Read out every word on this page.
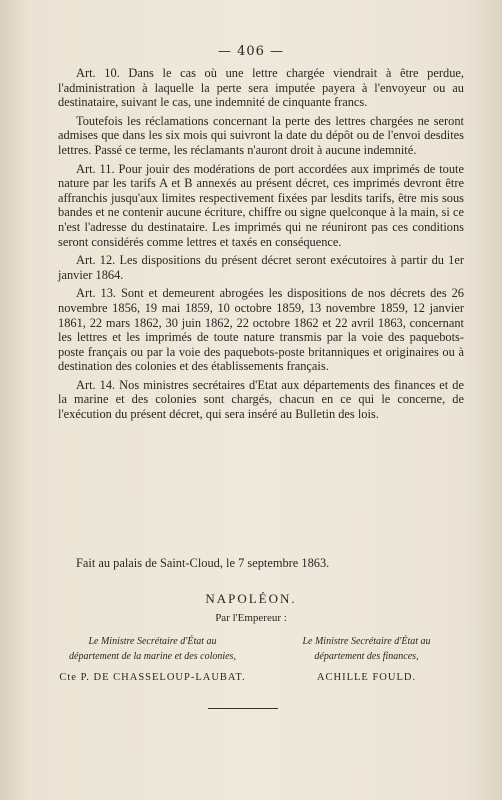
— 406 —

Art. 10. Dans le cas où une lettre chargée viendrait à être perdue, l'administration à laquelle la perte sera imputée payera à l'envoyeur ou au destinataire, suivant le cas, une indemnité de cinquante francs.

Toutefois les réclamations concernant la perte des lettres chargées ne seront admises que dans les six mois qui suivront la date du dépôt ou de l'envoi desdites lettres. Passé ce terme, les réclamants n'auront droit à aucune indemnité.

Art. 11. Pour jouir des modérations de port accordées aux imprimés de toute nature par les tarifs A et B annexés au présent décret, ces imprimés devront être affranchis jusqu'aux limites respectivement fixées par lesdits tarifs, être mis sous bandes et ne contenir aucune écriture, chiffre ou signe quelconque à la main, si ce n'est l'adresse du destinataire. Les imprimés qui ne réuniront pas ces conditions seront considérés comme lettres et taxés en conséquence.

Art. 12. Les dispositions du présent décret seront exécutoires à partir du 1er janvier 1864.

Art. 13. Sont et demeurent abrogées les dispositions de nos décrets des 26 novembre 1856, 19 mai 1859, 10 octobre 1859, 13 novembre 1859, 12 janvier 1861, 22 mars 1862, 30 juin 1862, 22 octobre 1862 et 22 avril 1863, concernant les lettres et les imprimés de toute nature transmis par la voie des paquebots-poste français ou par la voie des paquebots-poste britanniques et originaires ou à destination des colonies et des établissements français.

Art. 14. Nos ministres secrétaires d'Etat aux départements des finances et de la marine et des colonies sont chargés, chacun en ce qui le concerne, de l'exécution du présent décret, qui sera inséré au Bulletin des lois.

Fait au palais de Saint-Cloud, le 7 septembre 1863.
NAPOLÉON.
Par l'Empereur :
Le Ministre Secrétaire d'État au
département de la marine et des colonies,
Le Ministre Secrétaire d'État au
département des finances,
Cte P. DE CHASSELOUP-LAUBAT.	ACHILLE FOULD.
